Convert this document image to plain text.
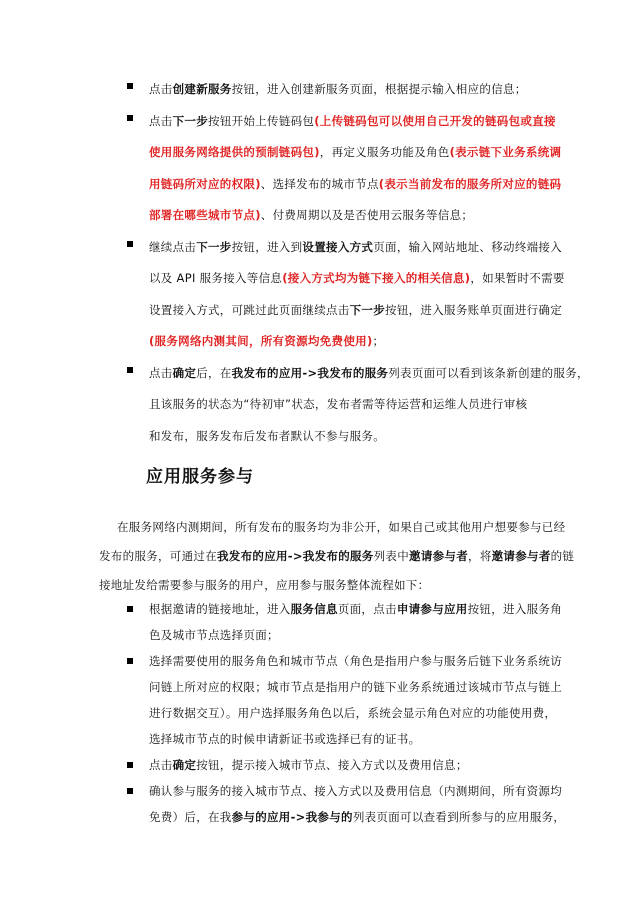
点击创建新服务按钮，进入创建新服务页面，根据提示输入相应的信息；
点击下一步按钮开始上传链码包(上传链码包可以使用自己开发的链码包或直接
使用服务网络提供的预制链码包)，再定义服务功能及角色(表示链下业务系统调
用链码所对应的权限)、选择发布的城市节点(表示当前发布的服务所对应的链码
部署在哪些城市节点)、付费周期以及是否使用云服务等信息；
继续点击下一步按钮，进入到设置接入方式页面，输入网站地址、移动终端接入
以及 API 服务接入等信息(接入方式均为链下接入的相关信息)，如果暂时不需要
设置接入方式，可跳过此页面继续点击下一步按钮，进入服务账单页面进行确定
(服务网络内测其间，所有资源均免费使用)；
点击确定后，在我发布的应用->我发布的服务列表页面可以看到该条新创建的服务，
且该服务的状态为“待初审”状态，发布者需等待运营和运维人员进行审核
和发布，服务发布后发布者默认不参与服务。
应用服务参与
在服务网络内测期间，所有发布的服务均为非公开，如果自己或其他用户想要参与已经
发布的服务，可通过在我发布的应用->我发布的服务列表中邀请参与者，将邀请参与者的链
接地址发给需要参与服务的用户，应用参与服务整体流程如下：
根据邀请的链接地址，进入服务信息页面，点击申请参与应用按钮，进入服务角
色及城市节点选择页面；
选择需要使用的服务角色和城市节点（角色是指用户参与服务后链下业务系统访
问链上所对应的权限；城市节点是指用户的链下业务系统通过该城市节点与链上
进行数据交互）。用户选择服务角色以后，系统会显示角色对应的功能使用费，
选择城市节点的时候申请新证书或选择已有的证书。
点击确定按钮，提示接入城市节点、接入方式以及费用信息；
确认参与服务的接入城市节点、接入方式以及费用信息（内测期间，所有资源均
免费）后，在我参与的应用->我参与的列表页面可以查看到所参与的应用服务，
